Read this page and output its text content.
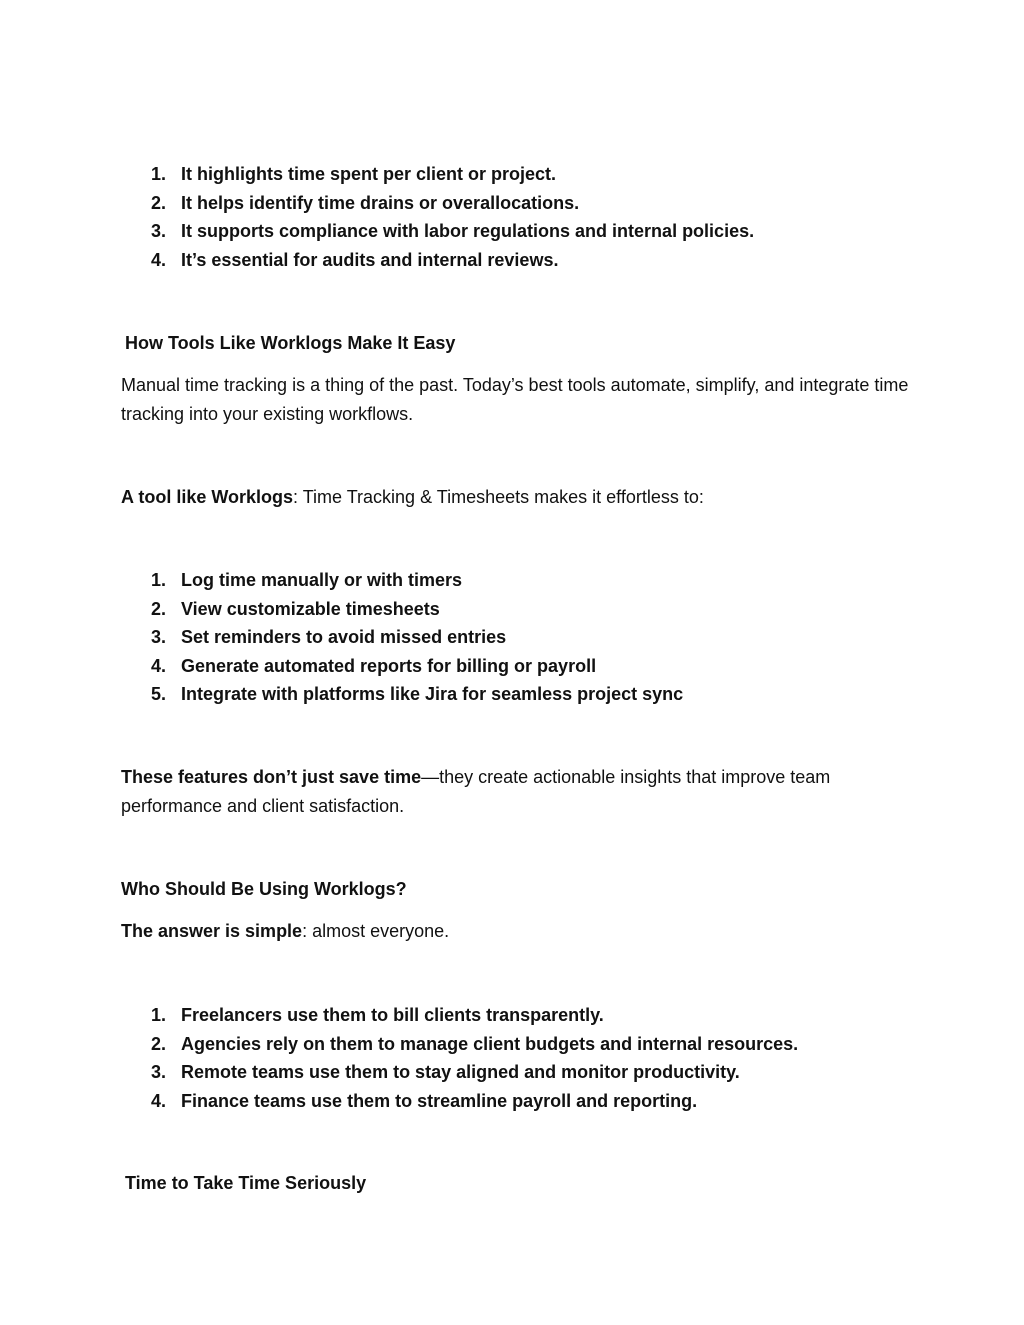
1. It highlights time spent per client or project.
2. It helps identify time drains or overallocations.
3. It supports compliance with labor regulations and internal policies.
4. It’s essential for audits and internal reviews.

How Tools Like Worklogs Make It Easy

Manual time tracking is a thing of the past. Today’s best tools automate, simplify, and integrate time tracking into your existing workflows.

A tool like Worklogs: Time Tracking & Timesheets makes it effortless to:

1. Log time manually or with timers
2. View customizable timesheets
3. Set reminders to avoid missed entries
4. Generate automated reports for billing or payroll
5. Integrate with platforms like Jira for seamless project sync

These features don’t just save time—they create actionable insights that improve team performance and client satisfaction.

Who Should Be Using Worklogs?

The answer is simple: almost everyone.

1. Freelancers use them to bill clients transparently.
2. Agencies rely on them to manage client budgets and internal resources.
3. Remote teams use them to stay aligned and monitor productivity.
4. Finance teams use them to streamline payroll and reporting.

Time to Take Time Seriously
